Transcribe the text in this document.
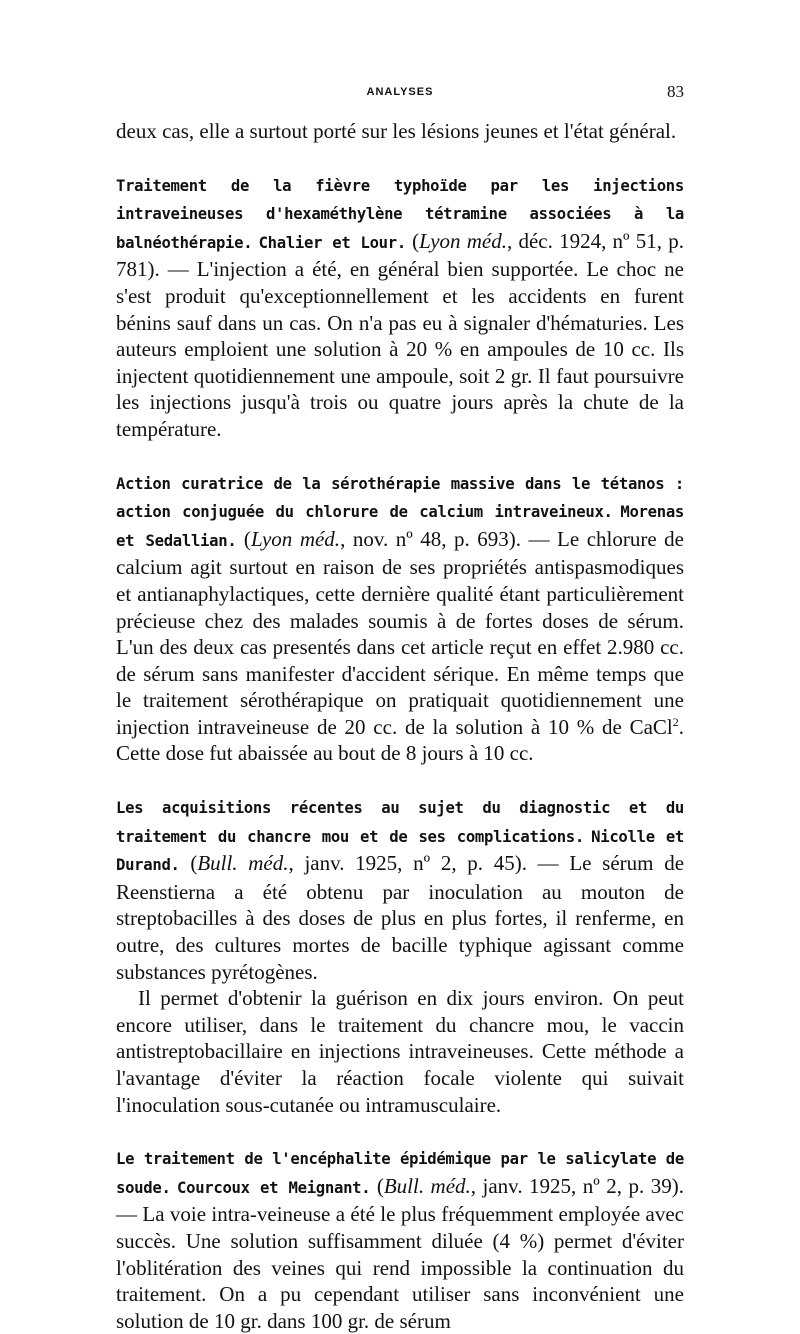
ANALYSES	83

deux cas, elle a surtout porté sur les lésions jeunes et l'état général.

Traitement de la fièvre typhoïde par les injections intraveineuses d'hexaméthylène tétramine associées à la balnéothérapie. Chalier et Lour. (Lyon méd., déc. 1924, nº 51, p. 781). — L'injection a été, en général bien supportée. Le choc ne s'est produit qu'exceptionnellement et les accidents en furent bénins sauf dans un cas. On n'a pas eu à signaler d'hématuries. Les auteurs emploient une solution à 20 % en ampoules de 10 cc. Ils injectent quotidiennement une ampoule, soit 2 gr. Il faut poursuivre les injections jusqu'à trois ou quatre jours après la chute de la température.

Action curatrice de la sérothérapie massive dans le tétanos : action conjuguée du chlorure de calcium intraveineux. Morenas et Sedallian. (Lyon méd., nov. nº 48, p. 693). — Le chlorure de calcium agit surtout en raison de ses propriétés antispasmodiques et antianaphylactiques, cette dernière qualité étant particulièrement précieuse chez des malades soumis à de fortes doses de sérum. L'un des deux cas presentés dans cet article reçut en effet 2.980 cc. de sérum sans manifester d'accident sérique. En même temps que le traitement sérothérapique on pratiquait quotidiennement une injection intraveineuse de 20 cc. de la solution à 10 % de CaCl$^2$. Cette dose fut abaissée au bout de 8 jours à 10 cc.

Les acquisitions récentes au sujet du diagnostic et du traitement du chancre mou et de ses complications. Nicolle et Durand. (Bull. méd., janv. 1925, nº 2, p. 45). — Le sérum de Reenstierna a été obtenu par inoculation au mouton de streptobacilles à des doses de plus en plus fortes, il renferme, en outre, des cultures mortes de bacille typhique agissant comme substances pyrétogènes.

Il permet d'obtenir la guérison en dix jours environ. On peut encore utiliser, dans le traitement du chancre mou, le vaccin antistreptobacillaire en injections intraveineuses. Cette méthode a l'avantage d'éviter la réaction focale violente qui suivait l'inoculation sous-cutanée ou intramusculaire.

Le traitement de l'encéphalite épidémique par le salicylate de soude. Courcoux et Meignant. (Bull. méd., janv. 1925, nº 2, p. 39). — La voie intra-veineuse a été le plus fréquemment employée avec succès. Une solution suffisamment diluée (4 %) permet d'éviter l'oblitération des veines qui rend impossible la continuation du traitement. On a pu cependant utiliser sans inconvénient une solution de 10 gr. dans 100 gr. de sérum
